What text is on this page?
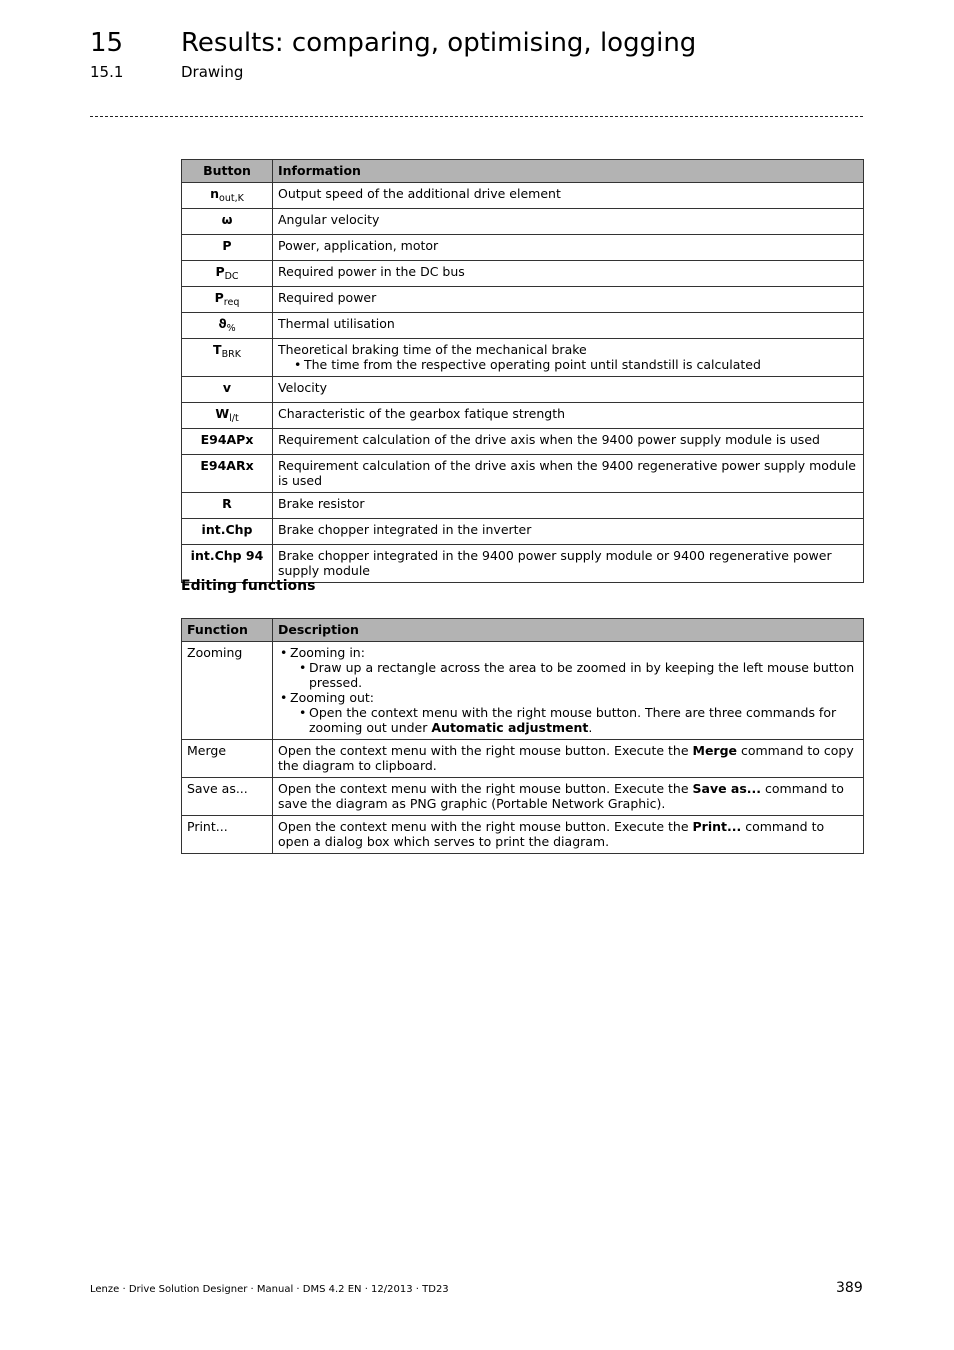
15 Results: comparing, optimising, logging
15.1	Drawing
Button	Information
$n_{out,K}$	Output speed of the additional drive element
ω	Angular velocity
P	Power, application, motor
$P_{DC}$	Required power in the DC bus
$P_{req}$	Required power
$ϑ_{\%}$	Thermal utilisation
$T_{BRK}$	Theoretical braking time of the mechanical brake
• The time from the respective operating point until standstill is calculated

v	Velocity
$W_{l/t}$	Characteristic of the gearbox fatique strength
E94APx	Requirement calculation of the drive axis when the 9400 power supply module is used
E94ARx	Requirement calculation of the drive axis when the 9400 regenerative power supply module is used
R	Brake resistor
int.Chp	Brake chopper integrated in the inverter
int.Chp 94	Brake chopper integrated in the 9400 power supply module or 9400 regenerative power supply module
Editing functions
Function	Description
Zooming	• Zooming in:
• Draw up a rectangle across the area to be zoomed in by keeping the left mouse button pressed.
• Zooming out:
• Open the context menu with the right mouse button. There are three commands for zooming out under Automatic adjustment.

Merge	Open the context menu with the right mouse button. Execute the Merge command to copy the diagram to clipboard.
Save as...	Open the context menu with the right mouse button. Execute the Save as... command to save the diagram as PNG graphic (Portable Network Graphic).
Print...	Open the context menu with the right mouse button. Execute the Print... command to open a dialog box which serves to print the diagram.
Lenze · Drive Solution Designer · Manual · DMS 4.2 EN · 12/2013 · TD23	389
